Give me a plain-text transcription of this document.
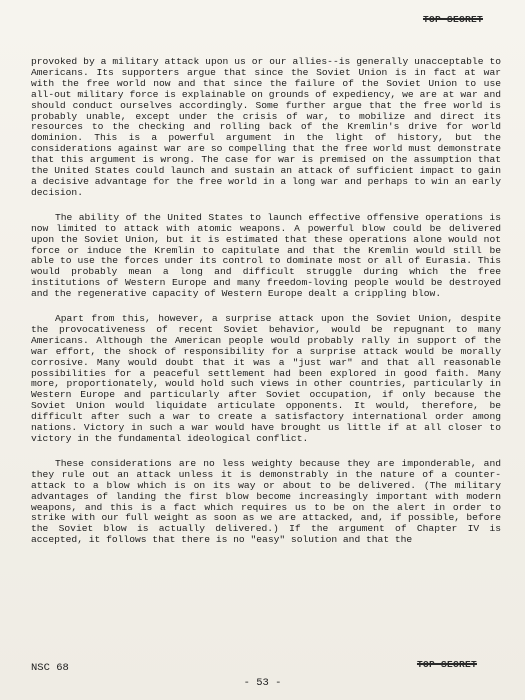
TOP SECRET

provoked by a military attack upon us or our allies--is generally unacceptable to Americans. Its supporters argue that since the Soviet Union is in fact at war with the free world now and that since the failure of the Soviet Union to use all-out military force is explainable on grounds of expediency, we are at war and should conduct ourselves accordingly. Some further argue that the free world is probably unable, except under the crisis of war, to mobilize and direct its resources to the checking and rolling back of the Kremlin's drive for world dominion. This is a powerful argument in the light of history, but the considerations against war are so compelling that the free world must demonstrate that this argument is wrong. The case for war is premised on the assumption that the United States could launch and sustain an attack of sufficient impact to gain a decisive advantage for the free world in a long war and perhaps to win an early decision.

The ability of the United States to launch effective offensive operations is now limited to attack with atomic weapons. A powerful blow could be delivered upon the Soviet Union, but it is estimated that these operations alone would not force or induce the Kremlin to capitulate and that the Kremlin would still be able to use the forces under its control to dominate most or all of Eurasia. This would probably mean a long and difficult struggle during which the free institutions of Western Europe and many freedom-loving people would be destroyed and the regenerative capacity of Western Europe dealt a crippling blow.

Apart from this, however, a surprise attack upon the Soviet Union, despite the provocativeness of recent Soviet behavior, would be repugnant to many Americans. Although the American people would probably rally in support of the war effort, the shock of responsibility for a surprise attack would be morally corrosive. Many would doubt that it was a "just war" and that all reasonable possibilities for a peaceful settlement had been explored in good faith. Many more, proportionately, would hold such views in other countries, particularly in Western Europe and particularly after Soviet occupation, if only because the Soviet Union would liquidate articulate opponents. It would, therefore, be difficult after such a war to create a satisfactory international order among nations. Victory in such a war would have brought us little if at all closer to victory in the fundamental ideological conflict.

These considerations are no less weighty because they are imponderable, and they rule out an attack unless it is demonstrably in the nature of a counter-attack to a blow which is on its way or about to be delivered. (The military advantages of landing the first blow become increasingly important with modern weapons, and this is a fact which requires us to be on the alert in order to strike with our full weight as soon as we are attacked, and, if possible, before the Soviet blow is actually delivered.) If the argument of Chapter IV is accepted, it follows that there is no "easy" solution and that the

NSC 68
- 53 -
TOP SECRET
